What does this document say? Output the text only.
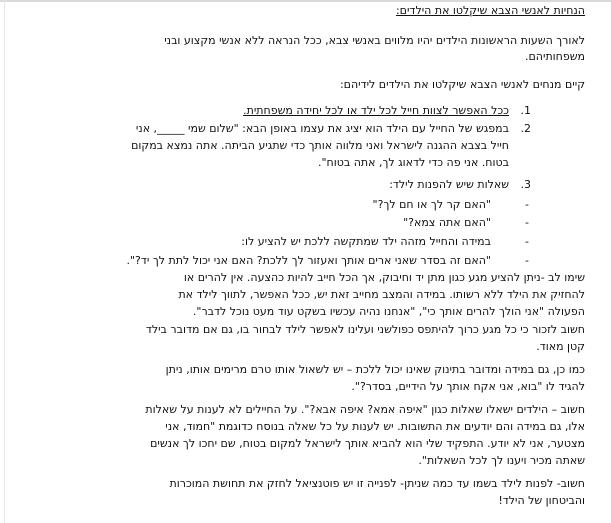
הנחיות לאנשי הצבא שיקלטו את הילדים:
לאורך השעות הראשונות הילדים יהיו מלווים באנשי צבא, ככל הנראה ללא אנשי מקצוע ובני
משפחותיהם.
קיים מנחים לאנשי הצבא שיקלטו את הילדים לידיהם:
1.
ככל האפשר לצוות חייל לכל ילד או לכל יחידה משפחתית.
2.
במפגש של החייל עם הילד הוא יציג את עצמו באופן הבא: "שלום שמי _____, אני
חייל בצבא ההגנה לישראל ואני מלווה אותך כדי שתגיע הביתה. אתה נמצא במקום
בטוח. אני פה כדי לדאוג לך, אתה בטוח".
3.
שאלות שיש להפנות לילד:
-
"האם קר לך או חם לך?"
-
"האם אתה צמא?"
-
במידה והחייל מזהה ילד שמתקשה ללכת יש להציע לו:
-
"האם זה בסדר שאני ארים אותך ואעזור לך ללכת? האם אני יכול לתת לך יד?".
שימו לב -ניתן להציע מגע כגון מתן יד וחיבוק, אך הכל חייב להיות כהצעה. אין להרים או
להחזיק את הילד ללא רשותו. במידה והמצב מחייב זאת יש, ככל האפשר, לתווך לילד את
הפעולה "אני הולך להרים אותך כי", "אנחנו נהיה עכשיו בשקט עוד מעט נוכל לדבר".
חשוב לזכור כי כל מגע כרוך להיתפס כפולשני ועלינו לאפשר לילד לבחור בו, גם אם מדובר בילד
קטן מאוד.
כמו כן, גם במידה ומדובר בתינוק שאינו יכול ללכת – יש לשאול אותו טרם מרימים אותו, ניתן
להגיד לו "בוא, אני אקח אותך על הידיים, בסדר?".
חשוב – הילדים ישאלו שאלות כגון "איפה אמא? איפה אבא?". על החיילים לא לענות על שאלות
אלו, גם במידה והם יודעים את התשובות. יש לענות על כל שאלה בנוסח כדוגמת "חמוד, אני
מצטער, אני לא יודע. התפקיד שלי הוא להביא אותך לישראל למקום בטוח, שם יחכו לך אנשים
שאתה מכיר ויענו לך לכל השאלות".
חשוב- לפנות לילד בשמו עד כמה שניתן- לפנייה זו יש פוטנציאל לחזק את תחושת המוכרות
והביטחון של הילד!
